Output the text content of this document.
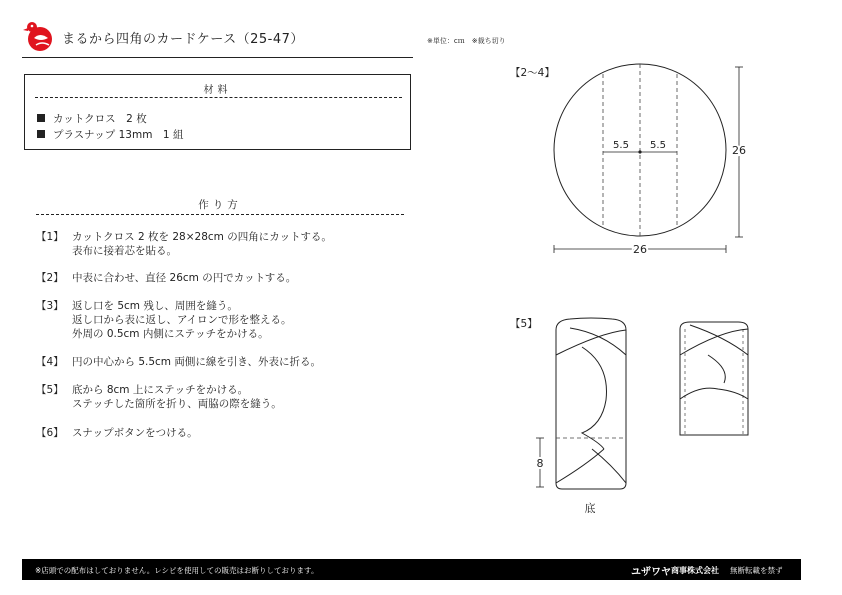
まるから四角のカードケース（25-47）	※単位：cｍ　※裁ち切り
材料
カットクロス　2 枚
プラスナップ 13mm　1 組
作り方
【1】 カットクロス 2 枚を 28×28cm の四角にカットする。
表布に接着芯を貼る。
【2】 中表に合わせ、直径 26cm の円でカットする。
【3】 返し口を 5cm 残し、周囲を縫う。
返し口から表に返し、アイロンで形を整える。
外周の 0.5cm 内側にステッチをかける。
【4】 円の中心から 5.5cm 両側に線を引き、外表に折る。
【5】 底から 8cm 上にステッチをかける。
ステッチした箇所を折り、両脇の際を縫う。
【6】 スナップボタンをつける。
【2～4】
5.5 5.5	26
26
【5】
8
底
※店頭での配布はしておりません。レシピを使用しての販売はお断りしております。	ユザワヤ 商事株式会社 無断転載を禁ず
